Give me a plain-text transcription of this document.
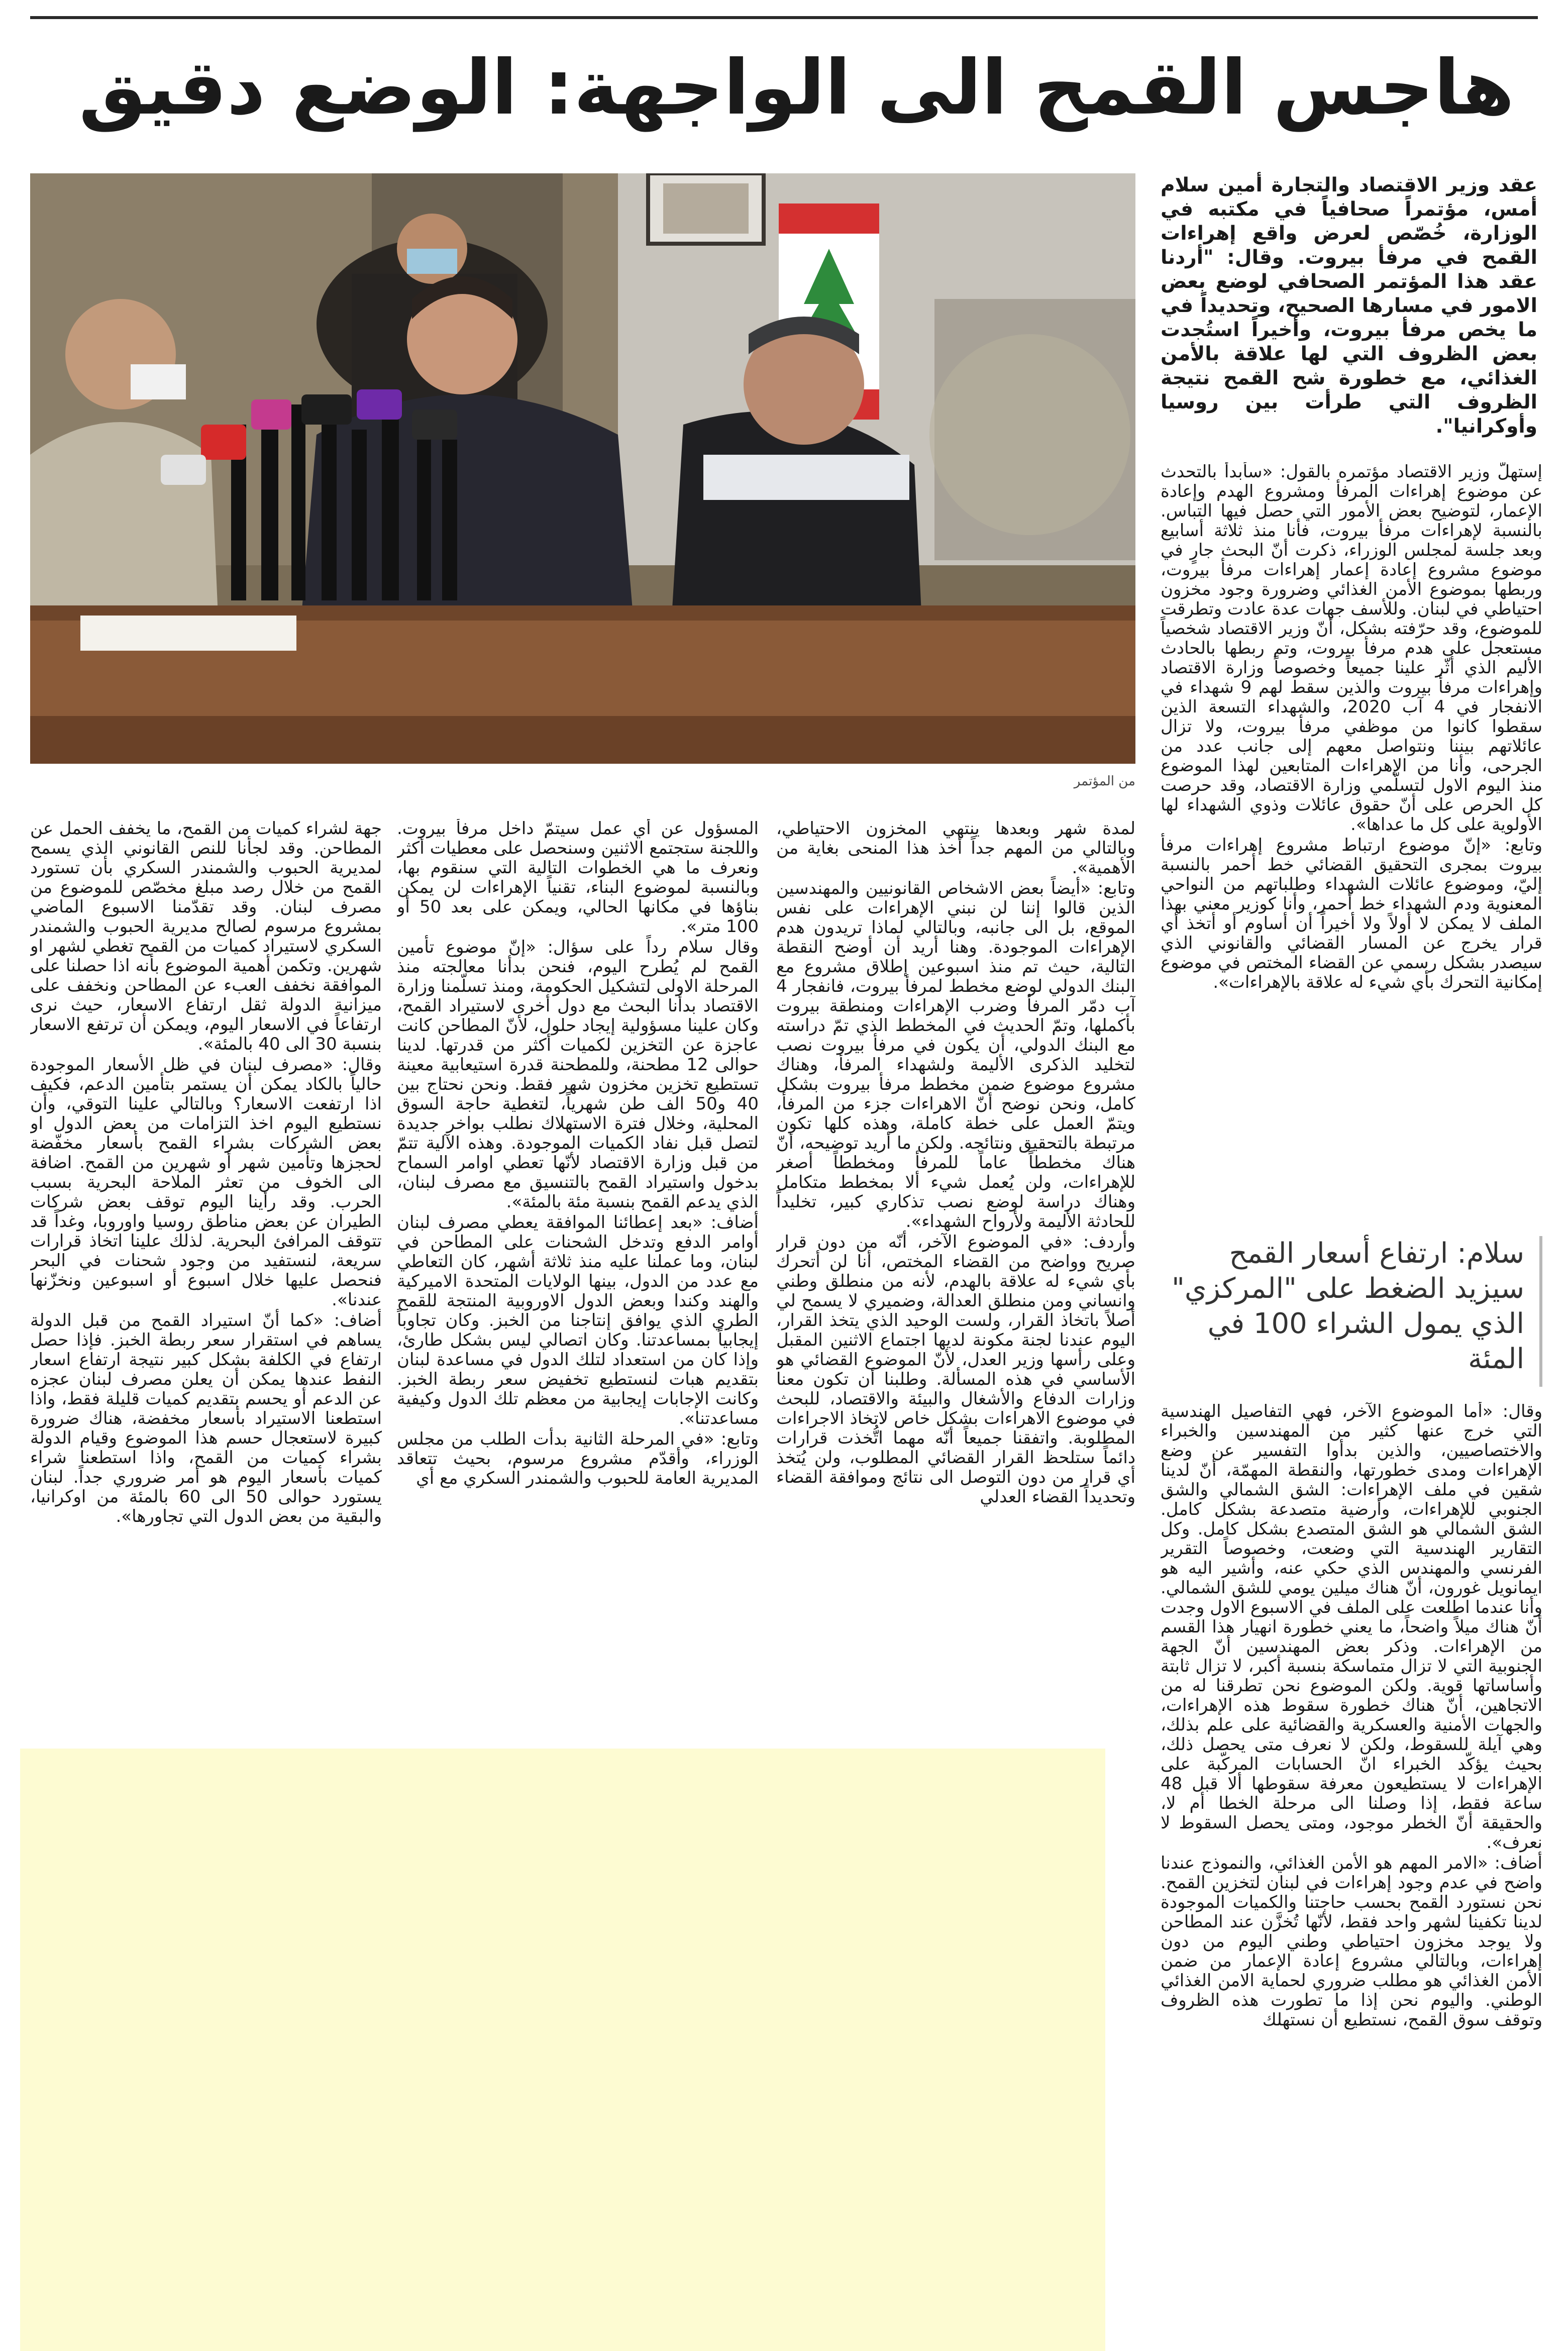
هاجس القمح الى الواجهة: الوضع دقيق

من المؤتمر

عقد وزير الاقتصاد والتجارة أمين سلام أمس، مؤتمراً صحافياً في مكتبه في الوزارة، خُصّص لعرض واقع إهراءات القمح في مرفأ بيروت. وقال: "أردنا عقد هذا المؤتمر الصحافي لوضع بعض الامور في مسارها الصحيح، وتحديداً في ما يخص مرفأ بيروت، وأخيراً استُجدت بعض الظروف التي لها علاقة بالأمن الغذائي، مع خطورة شح القمح نتيجة الظروف التي طرأت بين روسيا وأوكرانيا".

إستهلّ وزير الاقتصاد مؤتمره بالقول: «سأبدأ بالتحدث عن موضوع إهراءات المرفأ ومشروع الهدم وإعادة الإعمار، لتوضيح بعض الأمور التي حصل فيها التباس. بالنسبة لإهراءات مرفأ بيروت، فأنا منذ ثلاثة أسابيع وبعد جلسة لمجلس الوزراء، ذكرت أنّ البحث جارٍ في موضوع مشروع إعادة إعمار إهراءات مرفأ بيروت، وربطها بموضوع الأمن الغذائي وضرورة وجود مخزون احتياطي في لبنان. وللأسف جهات عدة عادت وتطرقت للموضوع، وقد حرّفته بشكل، أنّ وزير الاقتصاد شخصياً مستعجل على هدم مرفأ بيروت، وتم ربطها بالحادث الأليم الذي أثّر علينا جميعاً وخصوصاً وزارة الاقتصاد وإهراءات مرفأ بيروت والذين سقط لهم 9 شهداء في الانفجار في 4 آب 2020، والشهداء التسعة الذين سقطوا كانوا من موظفي مرفأ بيروت، ولا تزال عائلاتهم بيننا ونتواصل معهم إلى جانب عدد من الجرحى، وأنا من الإهراءات المتابعين لهذا الموضوع منذ اليوم الاول لتسلّمي وزارة الاقتصاد، وقد حرصت كل الحرص على أنّ حقوق عائلات وذوي الشهداء لها الأولوية على كل ما عداها».

وتابع: «إنّ موضوع ارتباط مشروع إهراءات مرفأ بيروت بمجرى التحقيق القضائي خط أحمر بالنسبة إليّ، وموضوع عائلات الشهداء وطلباتهم من النواحي المعنوية ودم الشهداء خط أحمر، وأنا كوزير معني بهذا الملف لا يمكن لا أولاً ولا أخيراً أن أساوم أو أتخذ أي قرار يخرج عن المسار القضائي والقانوني الذي سيصدر بشكل رسمي عن القضاء المختص في موضوع إمكانية التحرك بأي شيء له علاقة بالإهراءات».

سلام: ارتفاع أسعار القمح سيزيد الضغط على "المركزي" الذي يمول الشراء 100 في المئة

وقال: «أما الموضوع الآخر، فهي التفاصيل الهندسية التي خرج عنها كثير من المهندسين والخبراء والاختصاصيين، والذين بدأوا التفسير عن وضع الإهراءات ومدى خطورتها، والنقطة المهمّة، أنّ لدينا شقين في ملف الإهراءات: الشق الشمالي والشق الجنوبي للإهراءات، وأرضية متصدعة بشكل كامل. الشق الشمالي هو الشق المتصدع بشكل كامل. وكل التقارير الهندسية التي وضعت، وخصوصاً التقرير الفرنسي والمهندس الذي حكي عنه، وأشير اليه هو ايمانويل غورون، أنّ هناك ميلين يومي للشق الشمالي. وأنا عندما اطلعت على الملف في الاسبوع الاول وجدت أنّ هناك ميلاً واضحاً، ما يعني خطورة انهيار هذا القسم من الإهراءات. وذكر بعض المهندسين أنّ الجهة الجنوبية التي لا تزال متماسكة بنسبة أكبر، لا تزال ثابتة وأساساتها قوية. ولكن الموضوع نحن تطرقنا له من الاتجاهين، أنّ هناك خطورة سقوط هذه الإهراءات، والجهات الأمنية والعسكرية والقضائية على علم بذلك، وهي آيلة للسقوط، ولكن لا نعرف متى يحصل ذلك، بحيث يؤكّد الخبراء انّ الحسابات المركّبة على الإهراءات لا يستطيعون معرفة سقوطها ألا قبل 48 ساعة فقط، إذا وصلنا الى مرحلة الخطا أم لا، والحقيقة أنّ الخطر موجود، ومتى يحصل السقوط لا نعرف».

أضاف: «الامر المهم هو الأمن الغذائي، والنموذج عندنا واضح في عدم وجود إهراءات في لبنان لتخزين القمح. نحن نستورد القمح بحسب حاجتنا والكميات الموجودة لدينا تكفينا لشهر واحد فقط، لأنّها تُخزَّن عند المطاحن ولا يوجد مخزون احتياطي وطني اليوم من دون إهراءات، وبالتالي مشروع إعادة الإعمار من ضمن الأمن الغذائي هو مطلب ضروري لحماية الامن الغذائي الوطني. واليوم نحن إذا ما تطورت هذه الظروف وتوقف سوق القمح، نستطيع أن نستهلك

لمدة شهر وبعدها ينتهي المخزون الاحتياطي، وبالتالي من المهم جداً أخذ هذا المنحى بغاية من الأهمية».

وتابع: «أيضاً بعض الاشخاص القانونيين والمهندسين الذين قالوا إننا لن نبني الإهراءات على نفس الموقع، بل الى جانبه، وبالتالي لماذا تريدون هدم الإهراءات الموجودة. وهنا أريد أن أوضح النقطة التالية، حيث تم منذ اسبوعين إطلاق مشروع مع البنك الدولي لوضع مخطط لمرفأ بيروت، فانفجار 4 آب دمّر المرفأ وضرب الإهراءات ومنطقة بيروت بأكملها، وتمّ الحديث في المخطط الذي تمّ دراسته مع البنك الدولي، أن يكون في مرفأ بيروت نصب لتخليد الذكرى الأليمة ولشهداء المرفأ، وهناك مشروع موضوع ضمن مخطط مرفأ بيروت بشكل كامل، ونحن نوضح أنّ الاهراءات جزء من المرفأ، ويتمّ العمل على خطة كاملة، وهذه كلها تكون مرتبطة بالتحقيق ونتائجه. ولكن ما أريد توضيحه، أنّ هناك مخططاً عاماً للمرفأ ومخططاً أصغر للإهراءات، ولن يُعمل شيء ألا بمخطط متكامل وهناك دراسة لوضع نصب تذكاري كبير، تخليداً للحادثة الأليمة ولأرواح الشهداء».

وأردف: «في الموضوع الآخر، أنّه من دون قرار صريح وواضح من القضاء المختص، أنا لن أتحرك بأي شيء له علاقة بالهدم، لأنه من منطلق وطني وانساني ومن منطلق العدالة، وضميري لا يسمح لي أصلاً باتخاذ القرار، ولست الوحيد الذي يتخذ القرار، اليوم عندنا لجنة مكونة لديها اجتماع الاثنين المقبل وعلى رأسها وزير العدل، لأنّ الموضوع القضائي هو الأساسي في هذه المسألة. وطلبنا أن تكون معنا وزارات الدفاع والأشغال والبيئة والاقتصاد، للبحث في موضوع الاهراءات بشكل خاص لاتخاذ الاجراءات المطلوبة. واتفقنا جميعاً أنّه مهما اتُّخذت قرارات دائماً ستلحظ القرار القضائي المطلوب، ولن يُتخذ أي قرار من دون التوصل الى نتائج وموافقة القضاء وتحديداً القضاء العدلي

المسؤول عن أي عمل سيتمّ داخل مرفأ بيروت. واللجنة ستجتمع الاثنين وسنحصل على معطيات أكثر ونعرف ما هي الخطوات التالية التي سنقوم بها، وبالنسبة لموضوع البناء، تقنياً الإهراءات لن يمكن بناؤها في مكانها الحالي، ويمكن على بعد 50 أو 100 متر».

وقال سلام رداً على سؤال: «إنّ موضوع تأمين القمح لم يُطرح اليوم، فنحن بدأنا معالجته منذ المرحلة الاولى لتشكيل الحكومة، ومنذ تسلّمنا وزارة الاقتصاد بدأنا البحث مع دول أخرى لاستيراد القمح، وكان علينا مسؤولية إيجاد حلول، لأنّ المطاحن كانت عاجزة عن التخزين لكميات أكثر من قدرتها. لدينا حوالى 12 مطحنة، وللمطحنة قدرة استيعابية معينة تستطيع تخزين مخزون شهر فقط. ونحن نحتاج بين 40 و50 الف طن شهرياً، لتغطية حاجة السوق المحلية، وخلال فترة الاستهلاك نطلب بواخر جديدة لتصل قبل نفاد الكميات الموجودة. وهذه الآلية تتمّ من قبل وزارة الاقتصاد لأنّها تعطي اوامر السماح بدخول واستيراد القمح بالتنسيق مع مصرف لبنان، الذي يدعم القمح بنسبة مئة بالمئة».

أضاف: «بعد إعطائنا الموافقة يعطي مصرف لبنان أوامر الدفع وتدخل الشحنات على المطاحن في لبنان، وما عملنا عليه منذ ثلاثة أشهر، كان التعاطي مع عدد من الدول، بينها الولايات المتحدة الاميركية والهند وكندا وبعض الدول الاوروبية المنتجة للقمح الطري الذي يوافق إنتاجنا من الخبز. وكان تجاوباً إيجابياً بمساعدتنا. وكان اتصالي ليس بشكل طارئ، وإذا كان من استعداد لتلك الدول في مساعدة لبنان بتقديم هبات لنستطيع تخفيض سعر ربطة الخبز. وكانت الإجابات إيجابية من معظم تلك الدول وكيفية مساعدتنا».

وتابع: «في المرحلة الثانية بدأت الطلب من مجلس الوزراء، وأقدّم مشروع مرسوم، بحيث تتعاقد المديرية العامة للحبوب والشمندر السكري مع أي

جهة لشراء كميات من القمح، ما يخفف الحمل عن المطاحن. وقد لجأنا للنص القانوني الذي يسمح لمديرية الحبوب والشمندر السكري بأن تستورد القمح من خلال رصد مبلغ مخصّص للموضوع من مصرف لبنان. وقد تقدّمنا الاسبوع الماضي بمشروع مرسوم لصالح مديرية الحبوب والشمندر السكري لاستيراد كميات من القمح تغطي لشهر او شهرين. وتكمن أهمية الموضوع بأنه اذا حصلنا على الموافقة نخفف العبء عن المطاحن ونخفف على ميزانية الدولة ثقل ارتفاع الاسعار، حيث نرى ارتفاعاً في الاسعار اليوم، ويمكن أن ترتفع الاسعار بنسبة 30 الى 40 بالمئة».

وقال: «مصرف لبنان في ظل الأسعار الموجودة حالياً بالكاد يمكن أن يستمر بتأمين الدعم، فكيف اذا ارتفعت الاسعار؟ وبالتالي علينا التوقي، وأن نستطيع اليوم اخذ التزامات من بعض الدول او بعض الشركات بشراء القمح بأسعار مخفّضة لحجزها وتأمين شهر أو شهرين من القمح. اضافة الى الخوف من تعثر الملاحة البحرية بسبب الحرب. وقد رأينا اليوم توقف بعض شركات الطيران عن بعض مناطق روسيا واوروبا، وغداً قد تتوقف المرافئ البحرية. لذلك علينا اتخاذ قرارات سريعة، لنستفيد من وجود شحنات في البحر فنحصل عليها خلال اسبوع أو اسبوعين ونخزّنها عندنا».

أضاف: «كما أنّ استيراد القمح من قبل الدولة يساهم في استقرار سعر ربطة الخبز. فإذا حصل ارتفاع في الكلفة بشكل كبير نتيجة ارتفاع اسعار النفط عندها يمكن أن يعلن مصرف لبنان عجزه عن الدعم أو يحسم بتقديم كميات قليلة فقط، واذا استطعنا الاستيراد بأسعار مخفضة، هناك ضرورة كبيرة لاستعجال حسم هذا الموضوع وقيام الدولة بشراء كميات من القمح، واذا استطعنا شراء كميات بأسعار اليوم هو أمر ضروري جداً. لبنان يستورد حوالى 50 الى 60 بالمئة من اوكرانيا، والبقية من بعض الدول التي تجاورها».
